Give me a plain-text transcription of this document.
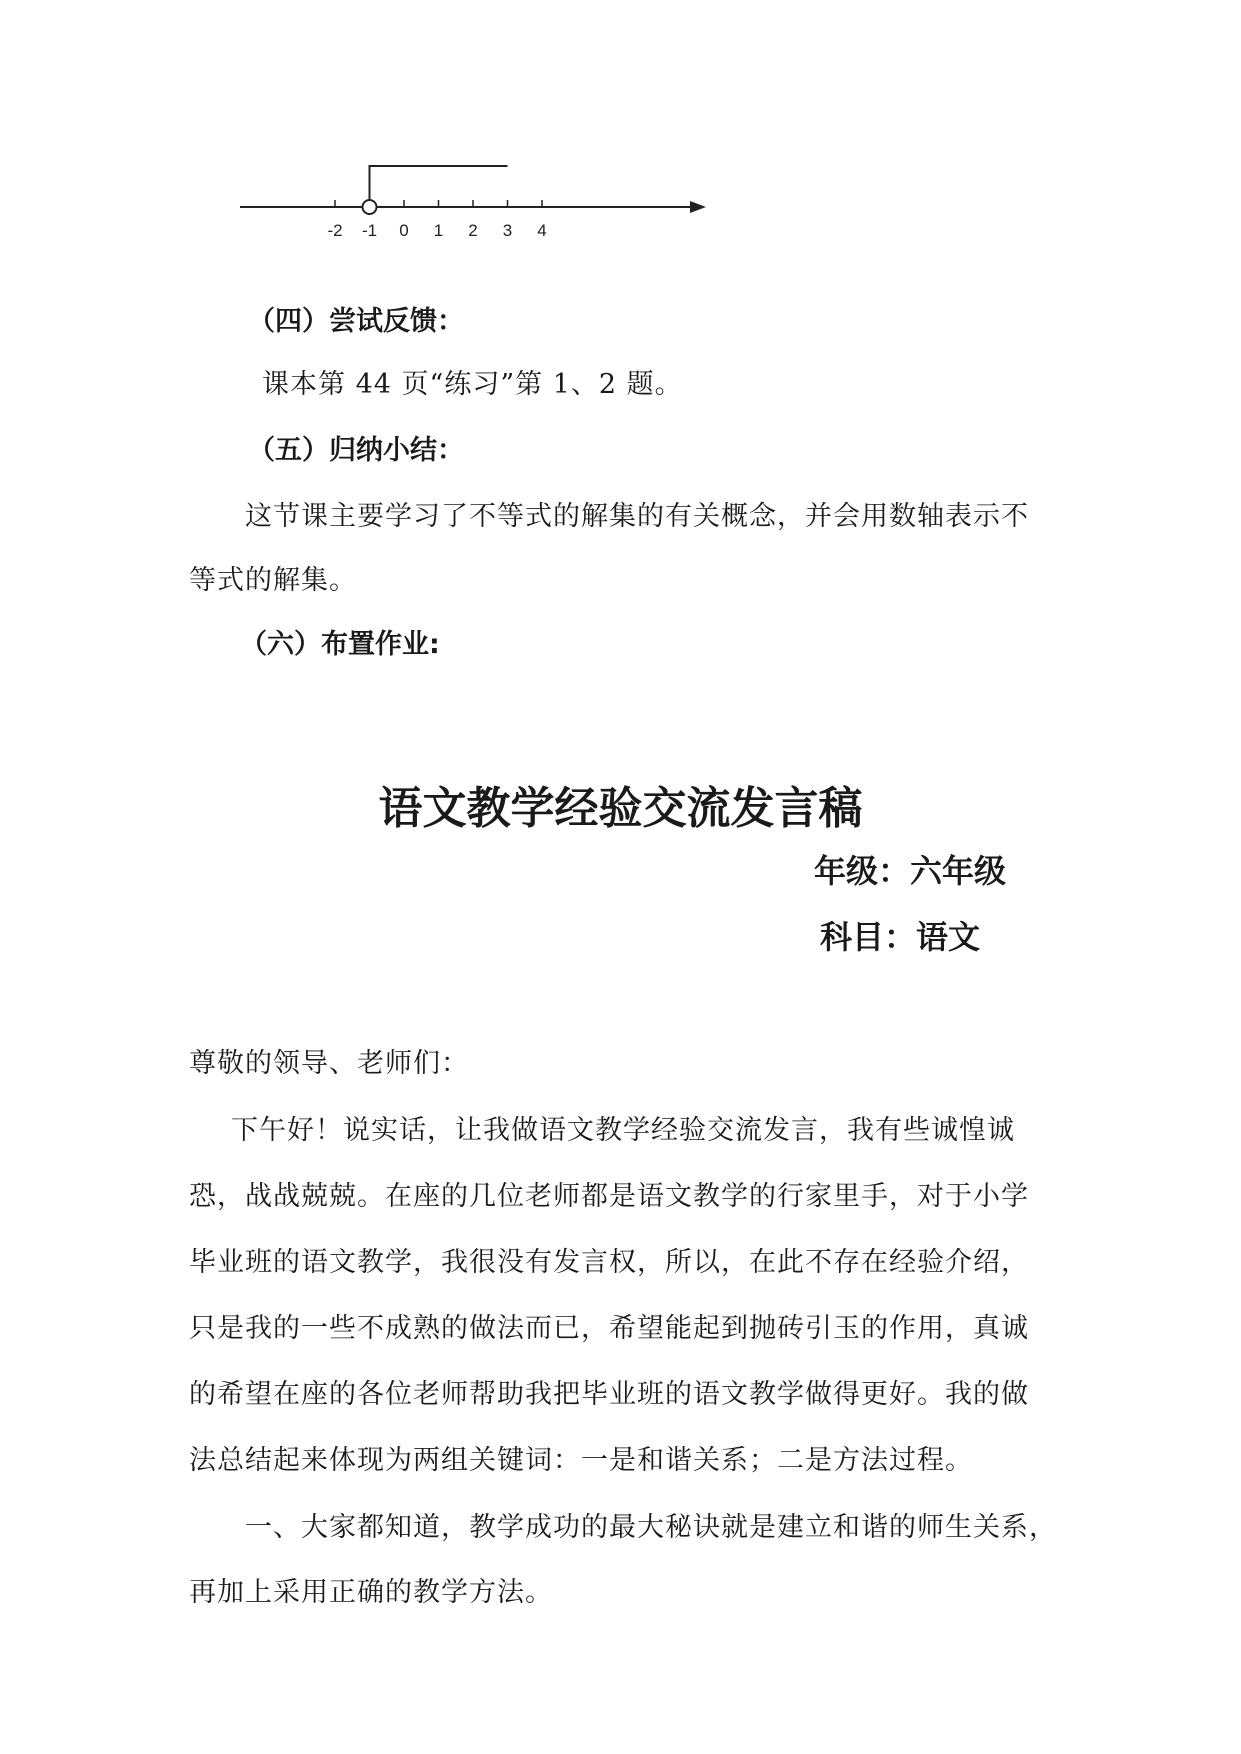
-2 -1 0 1 2 3 4
（四）尝试反馈：
课本第 44 页“练习”第 1、2 题。
（五）归纳小结：
这节课主要学习了不等式的解集的有关概念，并会用数轴表示不
等式的解集。
（六）布置作业:
语文教学经验交流发言稿
年级：六年级
科目：语文
尊敬的领导、老师们：
下午好！说实话，让我做语文教学经验交流发言，我有些诚惶诚
恐，战战兢兢。在座的几位老师都是语文教学的行家里手，对于小学
毕业班的语文教学，我很没有发言权，所以，在此不存在经验介绍，
只是我的一些不成熟的做法而已，希望能起到抛砖引玉的作用，真诚
的希望在座的各位老师帮助我把毕业班的语文教学做得更好。我的做
法总结起来体现为两组关键词：一是和谐关系；二是方法过程。
一、大家都知道，教学成功的最大秘诀就是建立和谐的师生关系，
再加上采用正确的教学方法。
